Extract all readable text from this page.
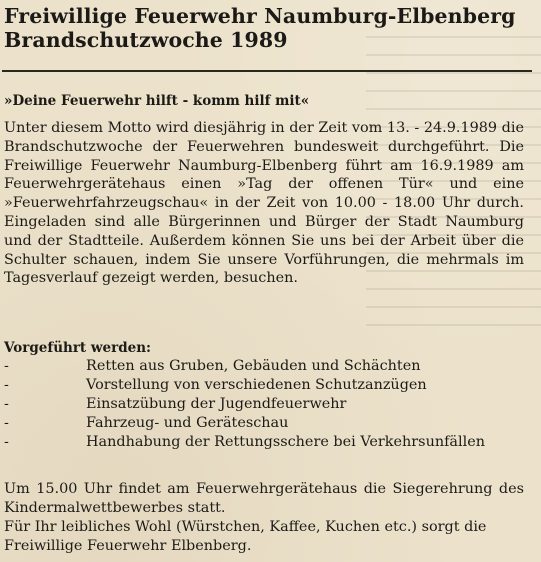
Freiwillige Feuerwehr Naumburg-Elbenberg
Brandschutzwoche 1989
»Deine Feuerwehr hilft - komm hilf mit«
Unter diesem Motto wird diesjährig in der Zeit vom 13. - 24.9.1989 die Brandschutzwoche der Feuerwehren bundesweit durchgeführt. Die Freiwillige Feuerwehr Naumburg-Elbenberg führt am 16.9.1989 am Feuerwehrgerätehaus einen »Tag der offenen Tür« und eine »Feuerwehrfahrzeugschau« in der Zeit von 10.00 - 18.00 Uhr durch. Eingeladen sind alle Bürgerinnen und Bürger der Stadt Naumburg und der Stadtteile. Außerdem können Sie uns bei der Arbeit über die Schulter schauen, indem Sie unsere Vorführungen, die mehrmals im Tagesverlauf gezeigt werden, besuchen.
Vorgeführt werden:
-	Retten aus Gruben, Gebäuden und Schächten
-	Vorstellung von verschiedenen Schutzanzügen
-	Einsatzübung der Jugendfeuerwehr
-	Fahrzeug- und Geräteschau
-	Handhabung der Rettungsschere bei Verkehrsunfällen
Um 15.00 Uhr findet am Feuerwehrgerätehaus die Siegerehrung des Kindermalwettbewerbes statt.
Für Ihr leibliches Wohl (Würstchen, Kaffee, Kuchen etc.) sorgt die Freiwillige Feuerwehr Elbenberg.
